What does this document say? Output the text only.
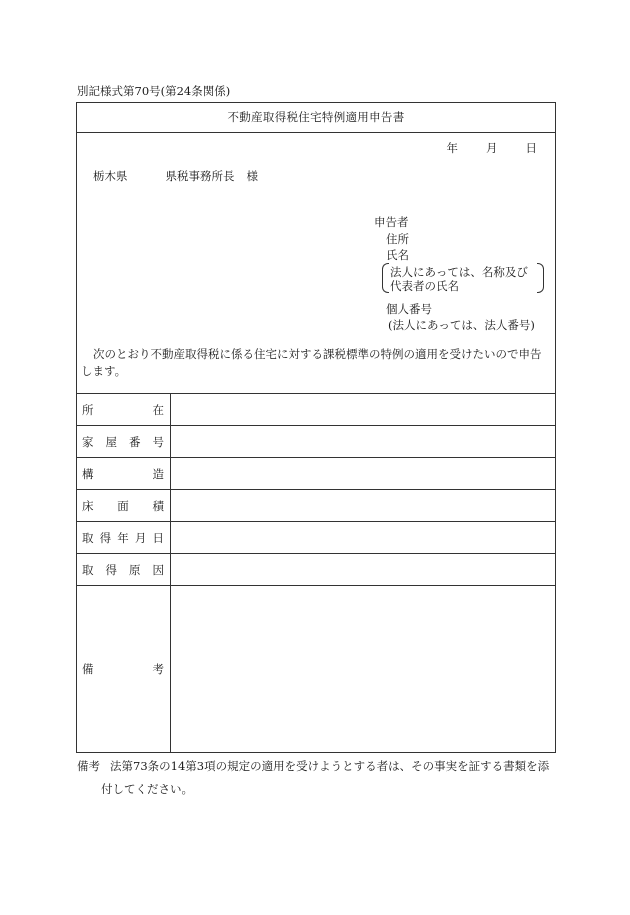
別記様式第70号(第24条関係)
不動産取得税住宅特例適用申告書
年 月 日
栃木県	県税事務所長 様
申告者
住所
氏名
法人にあっては、名称及び
代表者の氏名
個人番号
(法人にあっては、法人番号)
次のとおり不動産取得税に係る住宅に対する課税標準の特例の適用を受けたいので申告します。
所 在	

家 屋 番 号	

構 造	

床 面 積	

取 得 年 月 日	

取 得 原 因	

備 考	

備考 法第73条の14第3項の規定の適用を受けようとする者は、その事実を証する書類を添
付してください。
